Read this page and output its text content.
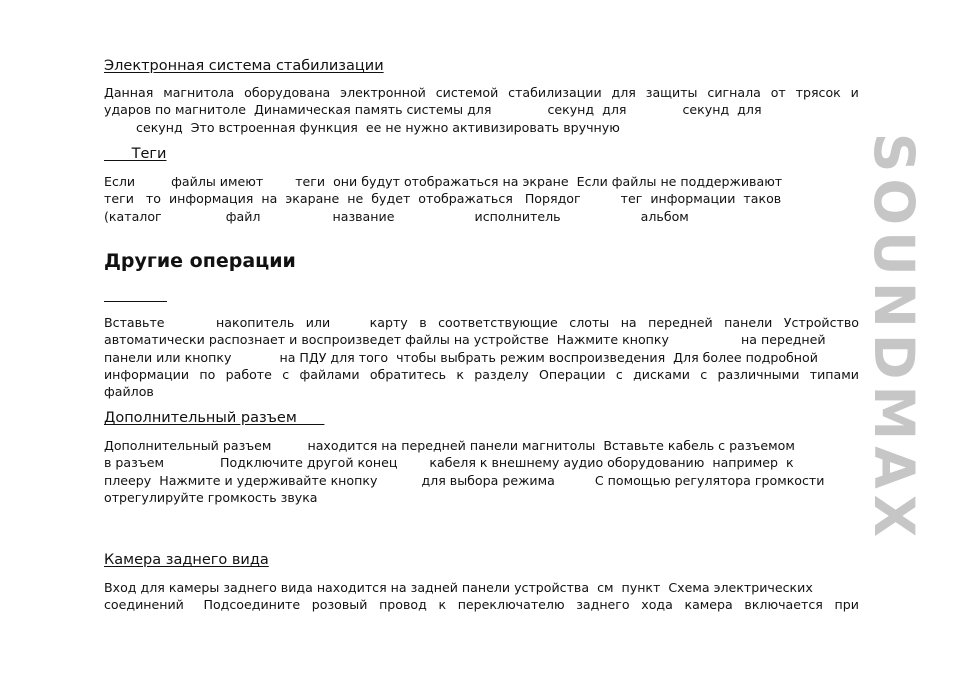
Электронная система стабилизации
Данная магнитола оборудована электронной системой стабилизации для защиты сигнала от трясок и
ударов по магнитоле  Динамическая память системы для              секунд  для              секунд  для
секунд  Это встроенная функция  ее не нужно активизировать вручную
Теги
Если         файлы имеют        теги  они будут отображаться на экране  Если файлы не поддерживают
теги   то  информация  на  экаране  не  будет  отображаться   Порядог          тег  информации  таков
(каталог                файл                  название                    исполнитель                    альбом
Другие операции
Вставьте накопитель или карту в соответствующие слоты на передней панели Устройство
автоматически распознает и воспроизведет файлы на устройстве  Нажмите кнопку                  на передней
панели или кнопку            на ПДУ для того  чтобы выбрать режим воспроизведения  Для более подробной
информации по работе с файлами обратитесь к разделу Операции с дисками с различными типами
файлов
Дополнительный разъем
Дополнительный разъем         находится на передней панели магнитолы  Вставьте кабель с разъемом
в разъем              Подключите другой конец        кабеля к внешнему аудио оборудованию  например  к
плееру  Нажмите и удерживайте кнопку           для выбора режима          С помощью регулятора громкости
отрегулируйте громкость звука
Камера заднего вида
Вход для камеры заднего вида находится на задней панели устройства  см  пункт  Схема электрических
соединений Подсоедините розовый провод к переключателю заднего хода камера включается при
SOUNDMAX
